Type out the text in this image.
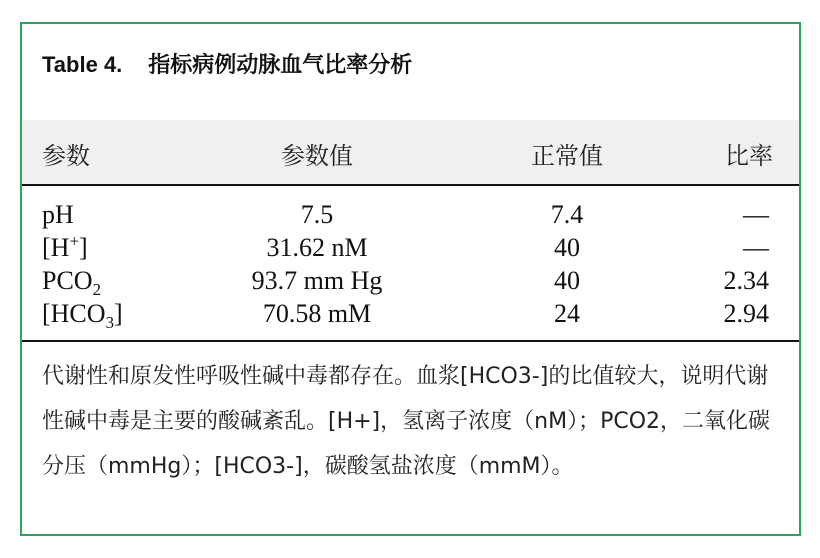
Table 4. 指标病例动脉血气比率分析
参数	参数值	正常值	比率
pH	7.5	7.4	—
[H+]	31.62 nM	40	—
$PCO_2$	93.7 mm Hg	40	2.34
$[HCO_3]$	70.58 mM	24	2.94

代谢性和原发性呼吸性碱中毒都存在。血浆[HCO3-]的比值较大，说明代谢性碱中毒是主要的酸碱紊乱。[H+]，氢离子浓度（nM）；PCO2，二氧化碳分压（mmHg）；[HCO3-]，碳酸氢盐浓度（mmM）。
